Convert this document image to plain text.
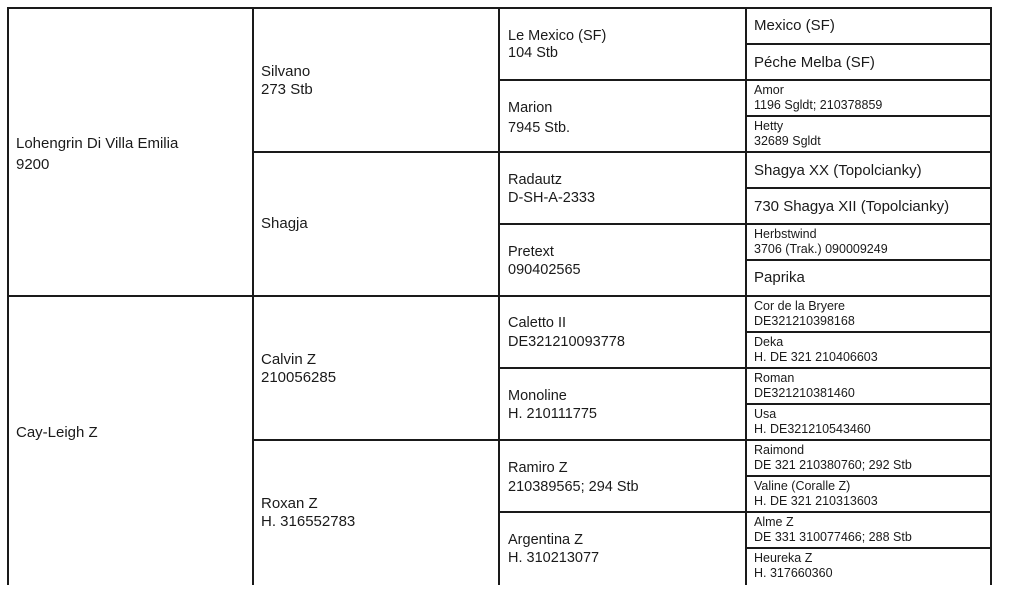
Lohengrin Di Villa Emilia
9200
Cay-Leigh Z
Silvano
273 Stb
Shagja
Calvin Z
210056285
Roxan Z
H. 316552783
Le Mexico (SF)
104 Stb
Marion
7945 Stb.
Radautz
D-SH-A-2333
Pretext
090402565
Caletto II
DE321210093778
Monoline
H. 210111775
Ramiro Z
210389565; 294 Stb
Argentina Z
H. 310213077
Mexico (SF)
Péche Melba (SF)
Amor
1196 Sgldt; 210378859
Hetty
32689 Sgldt
Shagya XX (Topolcianky)
730 Shagya XII (Topolcianky)
Herbstwind
3706 (Trak.) 090009249
Paprika
Cor de la Bryere
DE321210398168
Deka
H. DE 321 210406603
Roman
DE321210381460
Usa
H. DE321210543460
Raimond
DE 321 210380760; 292 Stb
Valine (Coralle Z)
H. DE 321 210313603
Alme Z
DE 331 310077466; 288 Stb
Heureka Z
H. 317660360
